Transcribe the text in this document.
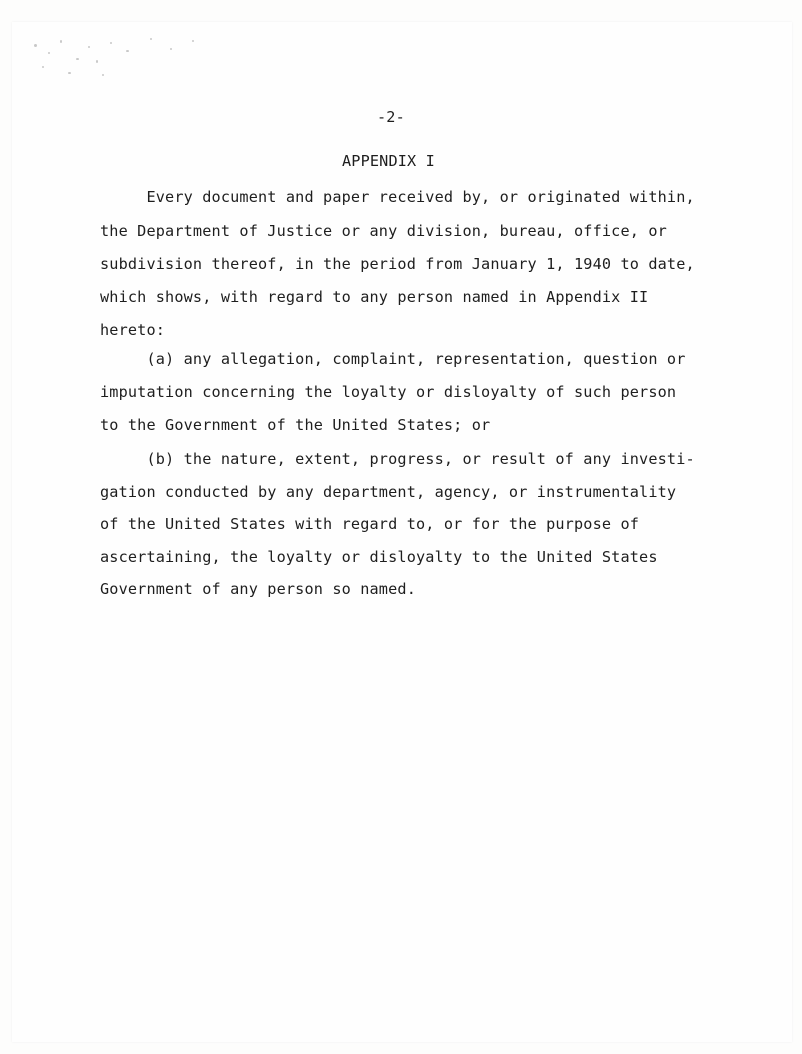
-2-

APPENDIX I

Every document and paper received by, or originated within,

the Department of Justice or any division, bureau, office, or

subdivision thereof, in the period from January 1, 1940 to date,

which shows, with regard to any person named in Appendix II

hereto:

(a) any allegation, complaint, representation, question or

imputation concerning the loyalty or disloyalty of such person

to the Government of the United States; or

(b) the nature, extent, progress, or result of any investi-

gation conducted by any department, agency, or instrumentality

of the United States with regard to, or for the purpose of

ascertaining, the loyalty or disloyalty to the United States

Government of any person so named.
